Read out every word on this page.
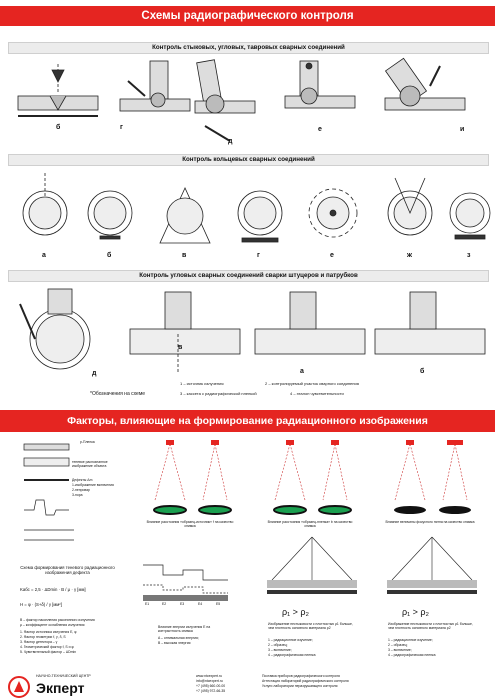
Схемы радиографического контроля
Контроль стыковых, угловых, тавровых сварных соединений
б	г
д
е	и
Контроль кольцевых сварных соединений
а	б	в	г	е	ж	з
Контроль угловых сварных соединений сварки штуцеров и патрубков
д
в
а	б
*Обозначения на схеме
1 – источник излучения	2 – контролируемый участок сварного соединения
3 – кассета с радиографической пленкой	4 – эталон чувствительности
Факторы, влияющие на формирование радиационного изображения
р-Пленка
теневое распознанное изображение объекта
Дефекты Δm
1-изображение включения
2-непровар
3-пора
Схема формирования теневого радиационного изображения дефекта
Kабс = 2,5 · ΔDmin · B / μ · γ [мм]
H = φ · (S+δ) / γ [мм²]
B – фактор накопления рассеянного излучения
μ – коэффициент ослабления излучения
1. Фактор источника излучения E, φ
2. Фактор геометрии f, γ, δ, S
3. Фактор детектора – γ
4. Геометрический фактор f, S и φ
5. Чувствительный фактор – ΔDmin
Влияние расстояния «образец-источник» f на качество снимка
Влияние расстояния «образец-пленка» b на качество снимка
Влияние величины фокусного пятна на качество снимка
E1	E2	E3	E4	E5
Влияние энергии излучения E на контрастность снимка
A – оптимальная энергия;
B – высокая энергия
ρ₁ > ρ₂
Изображение нестыковости с плотностью ρ1 больше, чем плотность основного материала ρ2
1 – радиационное изучение;
2 – образец;
3 – включение;
4 – радиографическая пленка
ρ₁ > ρ₂
Изображение нестыковости с плотностью ρ1 больше, чем плотность основного материала ρ2
1 – радиационное изучение;
2 – образец;
3 – включение;
4 – радиографическая пленка
НАУЧНО-ТЕХНИЧЕСКИЙ ЦЕНТР
Экперт
www.ntcexpert.ru
info@ntcexpert.ru
+7 (495) 660-00-00
+7 (495) 972-66-35
Поставка приборов радиографического контроля
Аттестация лабораторий радиографического контроля
Услуги лаборатории неразрушающего контроля
